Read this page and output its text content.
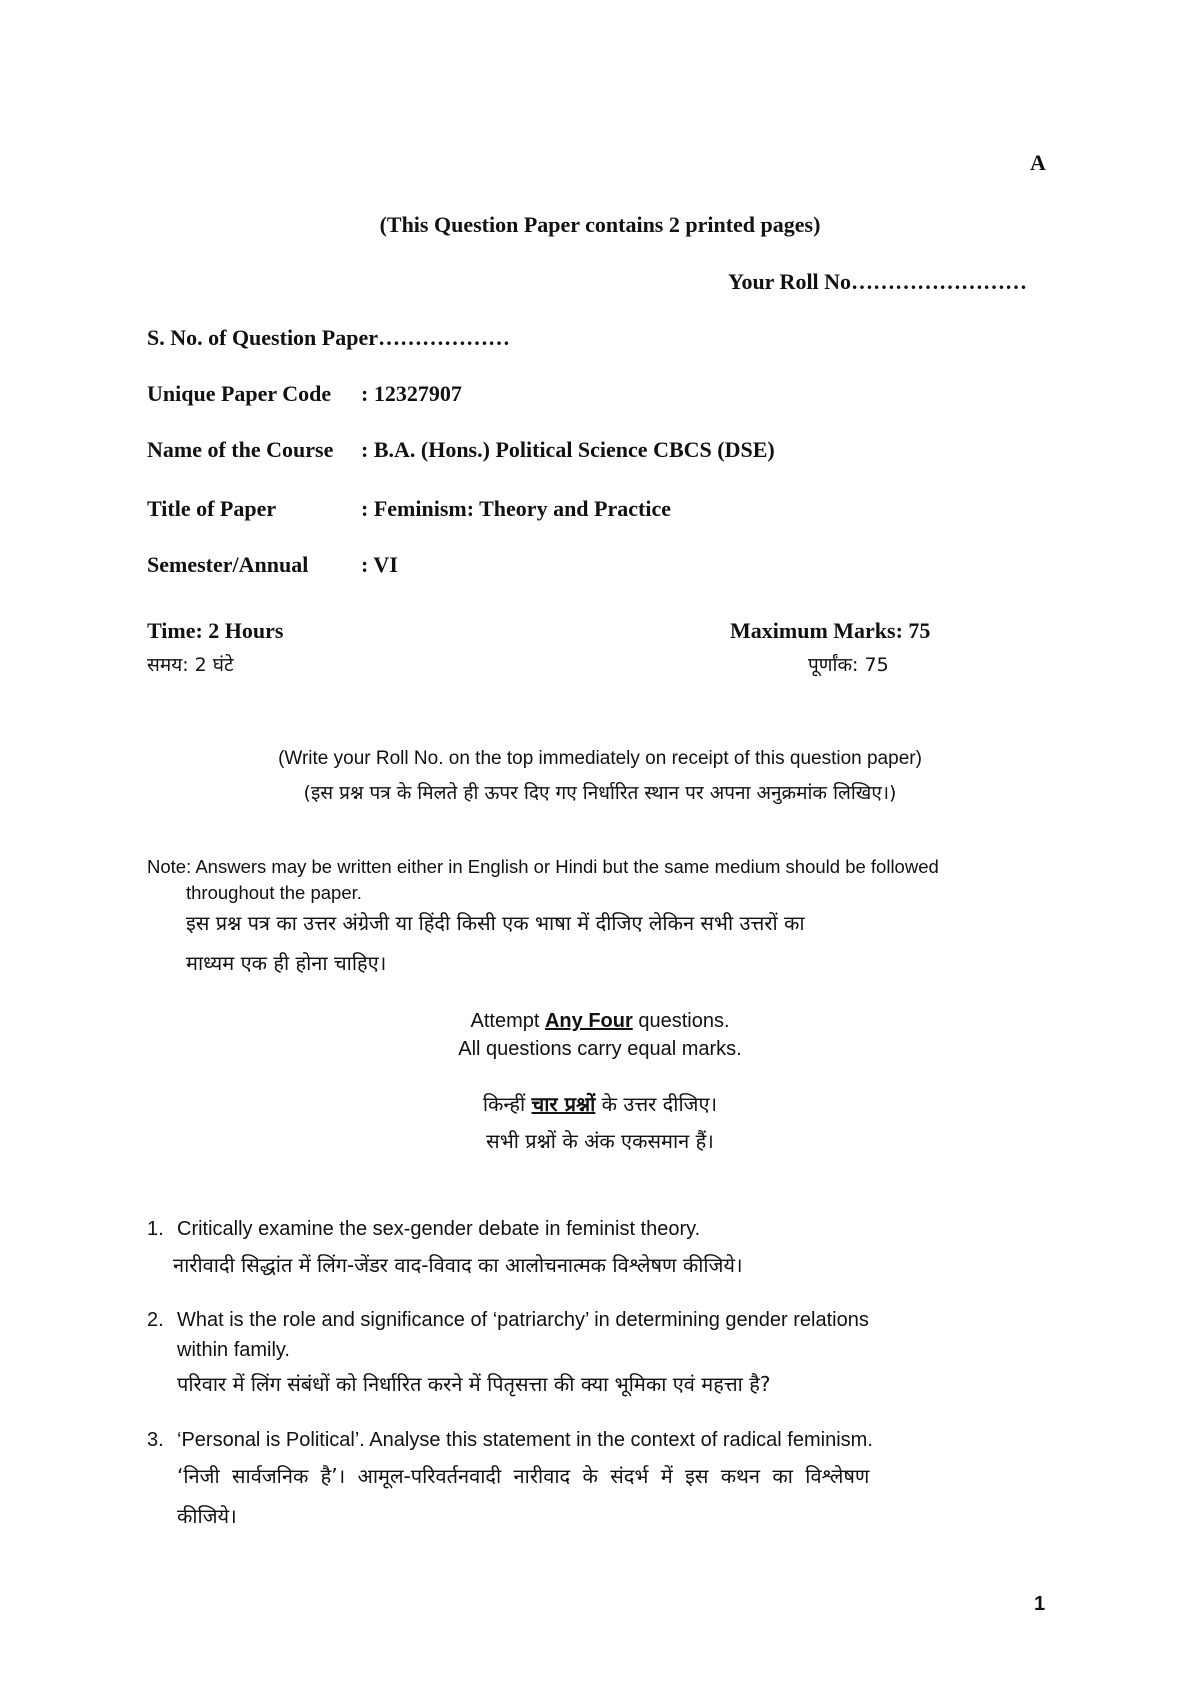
A
(This Question Paper contains 2 printed pages)
Your Roll No……………………
S. No. of Question Paper………………
Unique Paper Code : 12327907
Name of the Course : B.A. (Hons.) Political Science CBCS (DSE)
Title of Paper	: Feminism: Theory and Practice
Semester/Annual : VI
Time: 2 Hours	Maximum Marks: 75
समय: 2 घंटे	पूर्णांक: 75
(Write your Roll No. on the top immediately on receipt of this question paper)
(इस प्रश्न पत्र के मिलते ही ऊपर दिए गए निर्धारित स्थान पर अपना अनुक्रमांक लिखिए।)
Note: Answers may be written either in English or Hindi but the same medium should be followed
throughout the paper.
इस प्रश्न पत्र का उत्तर अंग्रेजी या हिंदी किसी एक भाषा में दीजिए लेकिन सभी उत्तरों का
माध्यम एक ही होना चाहिए।
Attempt Any Four questions.
All questions carry equal marks.
किन्हीं चार प्रश्नों के उत्तर दीजिए।
सभी प्रश्नों के अंक एकसमान हैं।
1. Critically examine the sex-gender debate in feminist theory.
नारीवादी सिद्धांत में लिंग-जेंडर वाद-विवाद का आलोचनात्मक विश्लेषण कीजिये।
2. What is the role and significance of ‘patriarchy’ in determining gender relations
within family.
परिवार में लिंग संबंधों को निर्धारित करने में पितृसत्ता की क्या भूमिका एवं महत्ता है?
3. ‘Personal is Political’. Analyse this statement in the context of radical feminism.
‘निजी सार्वजनिक है’। आमूल-परिवर्तनवादी नारीवाद के संदर्भ में इस कथन का विश्लेषण
कीजिये।
1
